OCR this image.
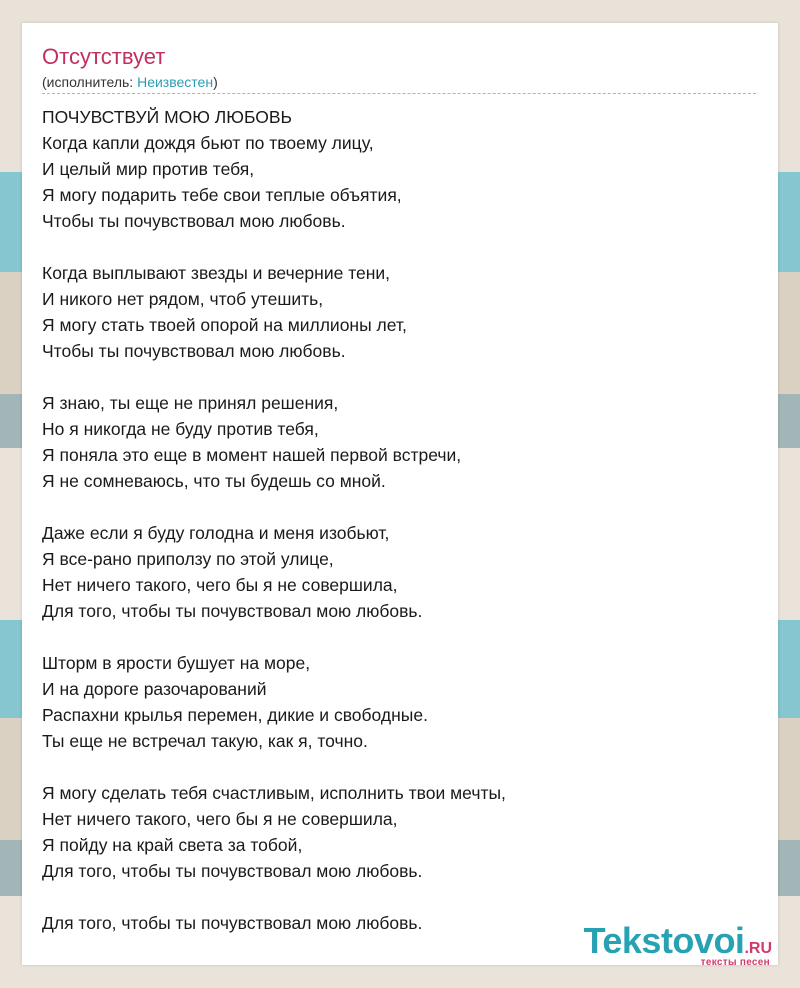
Отсутствует
(исполнитель: Неизвестен)
ПОЧУВСТВУЙ МОЮ ЛЮБОВЬ
Когда капли дождя бьют по твоему лицу,
И целый мир против тебя,
Я могу подарить тебе свои теплые объятия,
Чтобы ты почувствовал мою любовь.
Когда выплывают звезды и вечерние тени,
И никого нет рядом, чтоб утешить,
Я могу стать твоей опорой на миллионы лет,
Чтобы ты почувствовал мою любовь.
Я знаю, ты еще не принял решения,
Но я никогда не буду против тебя,
Я поняла это еще в момент нашей первой встречи,
Я не сомневаюсь, что ты будешь со мной.
Даже если я буду голодна и меня изобьют,
Я все-рано приползу по этой улице,
Нет ничего такого, чего бы я не совершила,
Для того, чтобы ты почувствовал мою любовь.
Шторм в ярости бушует на море,
И на дороге разочарований
Распахни крылья перемен, дикие и свободные.
Ты еще не встречал такую, как я, точно.
Я могу сделать тебя счастливым, исполнить твои мечты,
Нет ничего такого, чего бы я не совершила,
Я пойду на край света за тобой,
Для того, чтобы ты почувствовал мою любовь.
Для того, чтобы ты почувствовал мою любовь.	Tekstovoi.RU
тексты песен
